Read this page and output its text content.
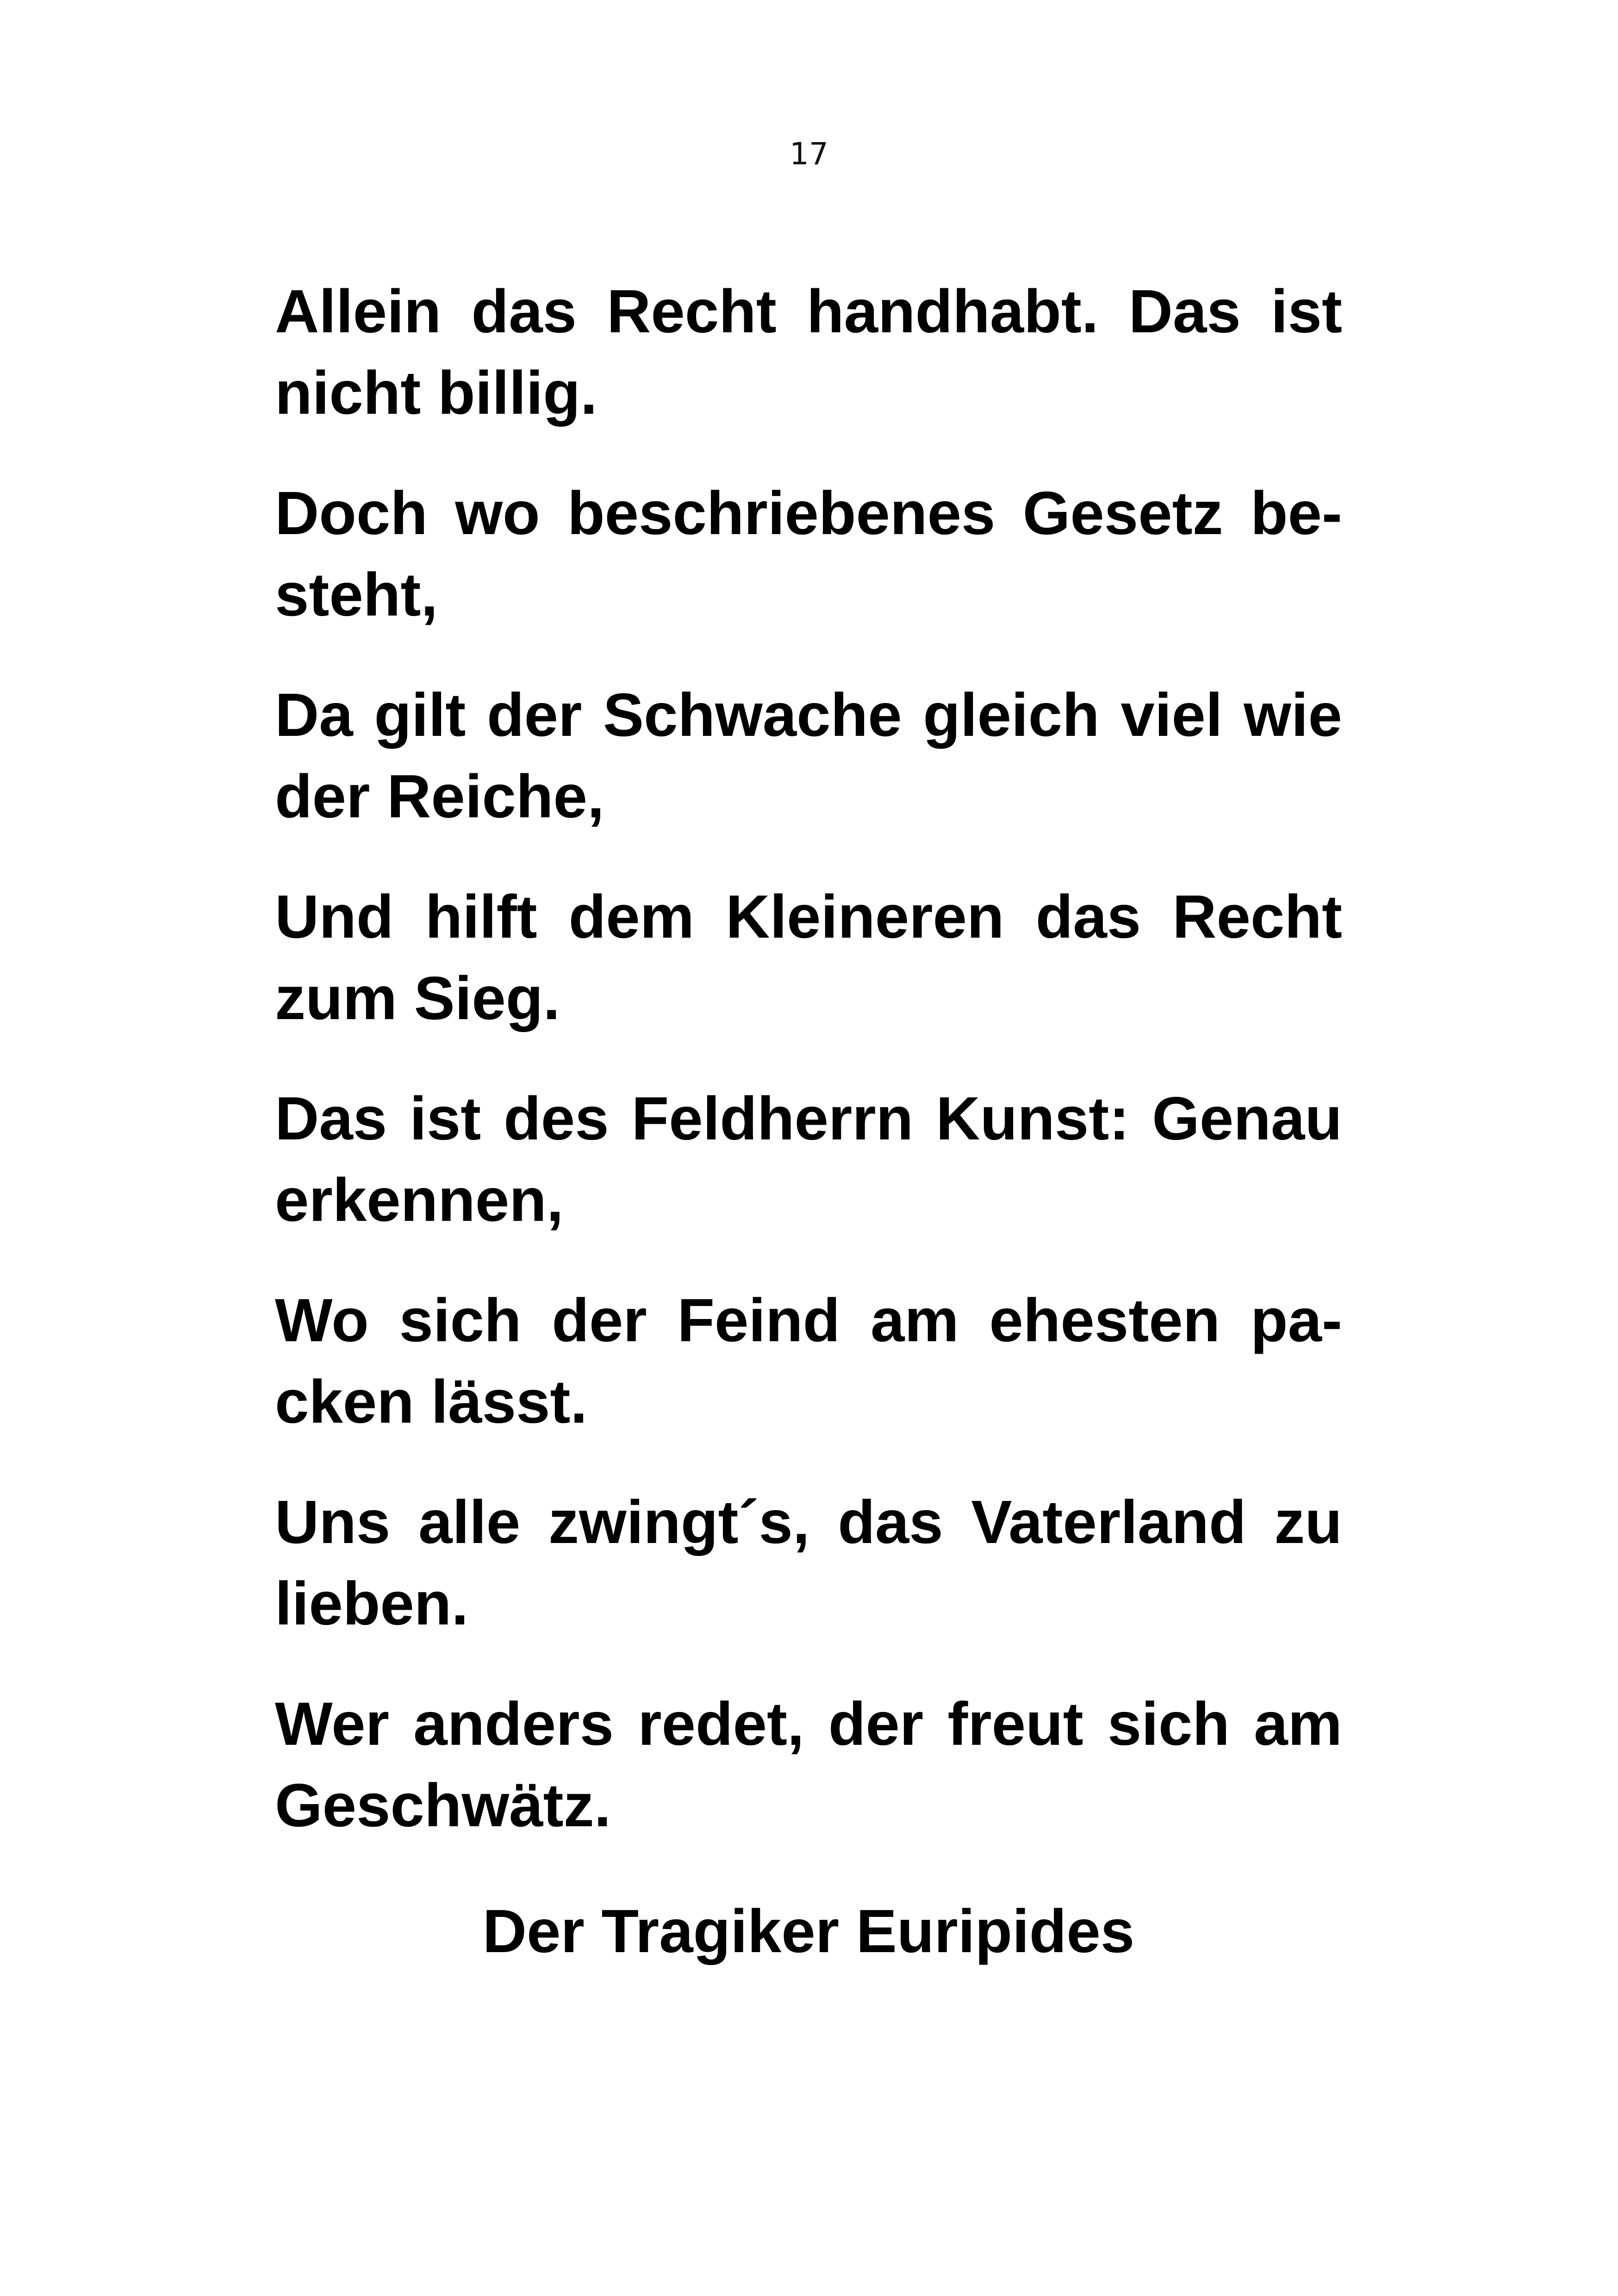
17

Allein das Recht handhabt. Das ist nicht billig.

Doch wo beschriebenes Gesetz be-steht,

Da gilt der Schwache gleich viel wie der Reiche,

Und hilft dem Kleineren das Recht zum Sieg.

Das ist des Feldherrn Kunst: Genau erkennen,

Wo sich der Feind am ehesten pa-cken lässt.

Uns alle zwingt´s, das Vaterland zu lieben.

Wer anders redet, der freut sich am Geschwätz.

Der Tragiker Euripides
